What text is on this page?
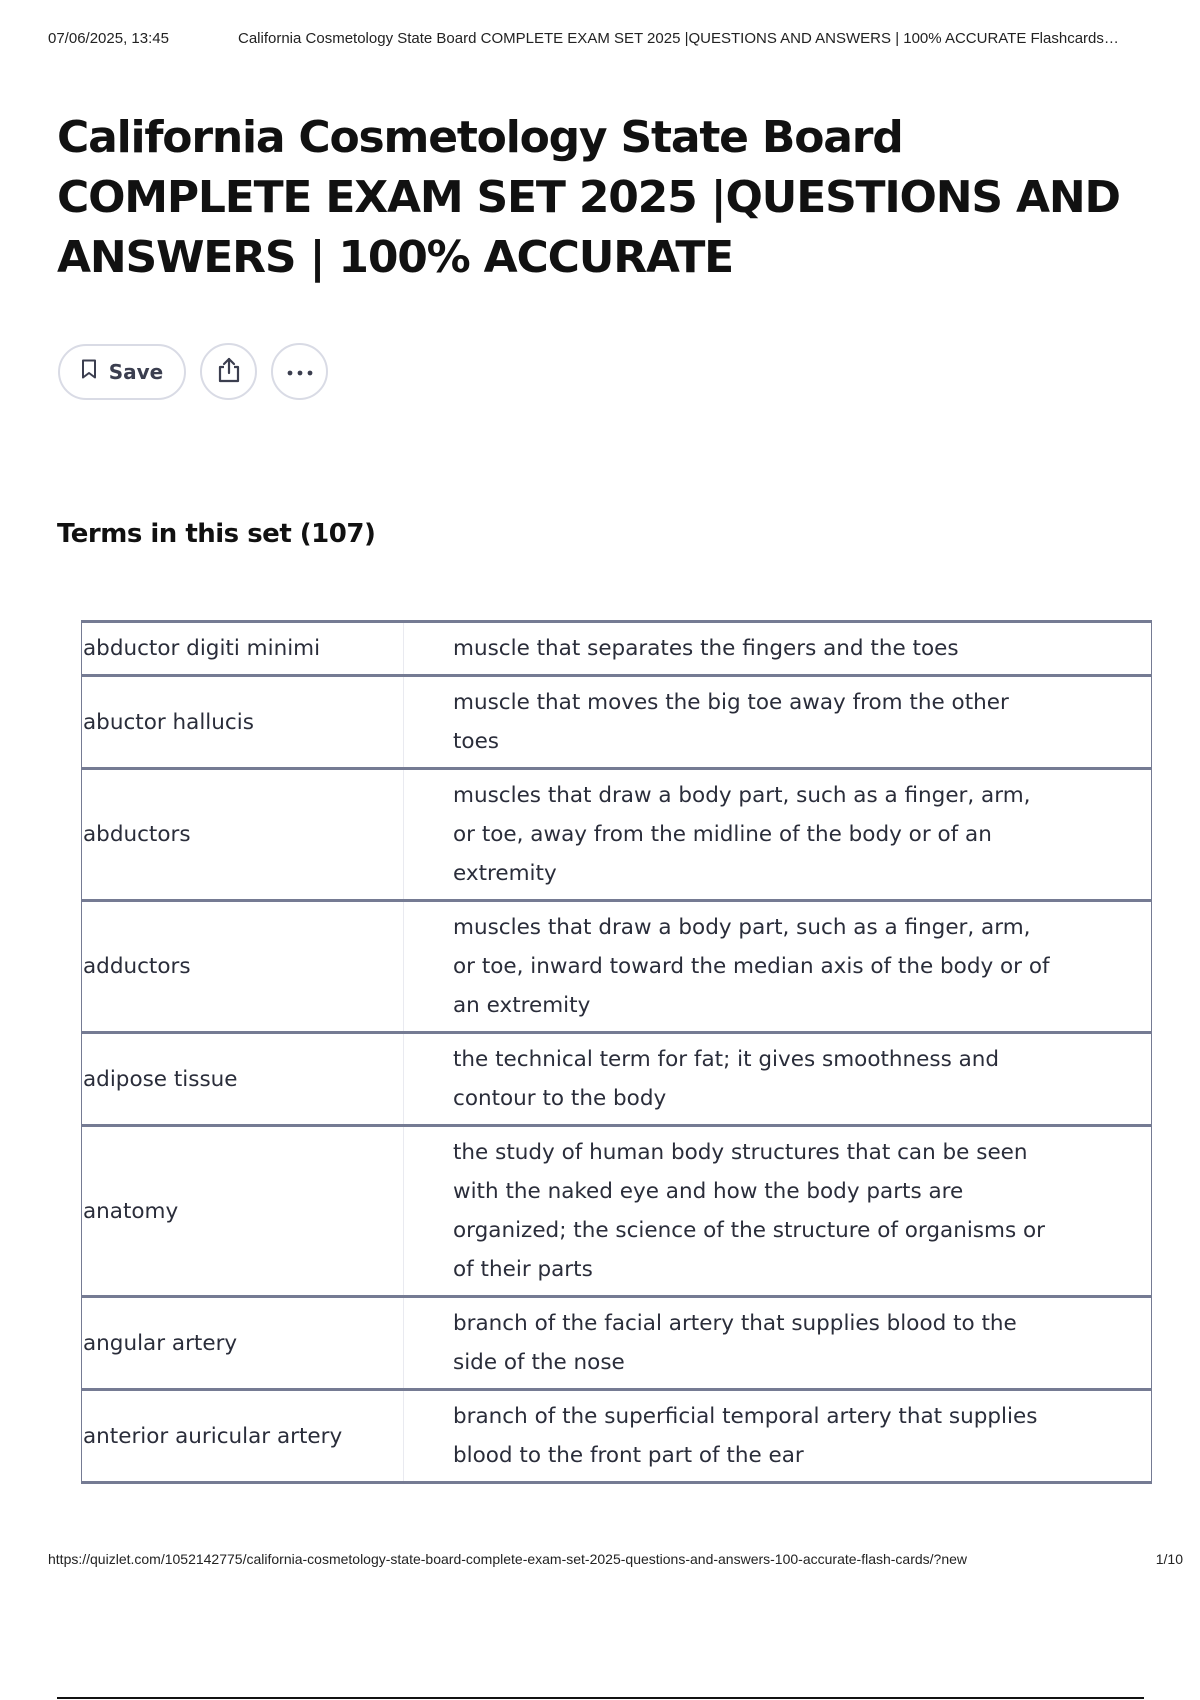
07/06/2025, 13:45	California Cosmetology State Board COMPLETE EXAM SET 2025 |QUESTIONS AND ANSWERS | 100% ACCURATE Flashcards…
California Cosmetology State Board COMPLETE EXAM SET 2025 |QUESTIONS AND ANSWERS | 100% ACCURATE
Save
Terms in this set (107)
abductor digiti minimi	muscle that separates the fingers and the toes
abuctor hallucis	muscle that moves the big toe away from the other toes
abductors	muscles that draw a body part, such as a finger, arm, or toe, away from the midline of the body or of an extremity
adductors	muscles that draw a body part, such as a finger, arm, or toe, inward toward the median axis of the body or of an extremity
adipose tissue	the technical term for fat; it gives smoothness and contour to the body
anatomy	the study of human body structures that can be seen with the naked eye and how the body parts are organized; the science of the structure of organisms or of their parts
angular artery	branch of the facial artery that supplies blood to the side of the nose
anterior auricular artery	branch of the superficial temporal artery that supplies blood to the front part of the ear
https://quizlet.com/1052142775/california-cosmetology-state-board-complete-exam-set-2025-questions-and-answers-100-accurate-flash-cards/?new	1/10
